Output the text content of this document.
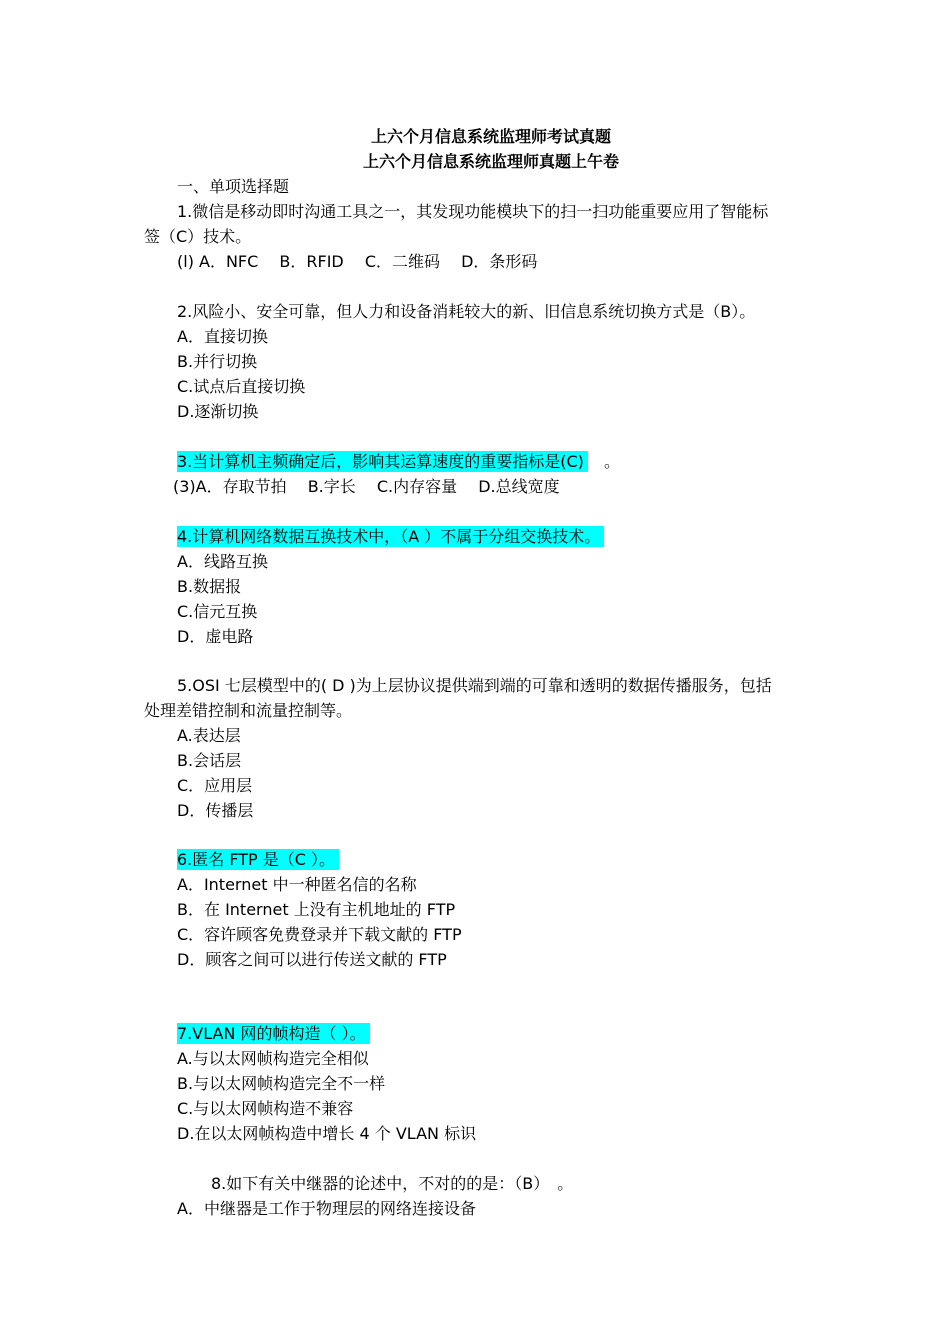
上六个月信息系统监理师考试真题
上六个月信息系统监理师真题上午卷
一、单项选择题
1.微信是移动即时沟通工具之一，其发现功能模块下的扫一扫功能重要应用了智能标
签（C）技术。
(l) A．NFC　 B．RFID　 C．二维码　 D．条形码
2.风险小、安全可靠，但人力和设备消耗较大的新、旧信息系统切换方式是（B）。
A．直接切换
B.并行切换
C.试点后直接切换
D.逐渐切换
3.当计算机主频确定后，影响其运算速度的重要指标是(C)　。
(3)A．存取节拍　 B.字长　 C.内存容量　 D.总线宽度
4.计算机网络数据互换技术中，（A ）不属于分组交换技术。
A．线路互换
B.数据报
C.信元互换
D．虚电路
5.OSI 七层模型中的( D )为上层协议提供端到端的可靠和透明的数据传播服务，包括
处理差错控制和流量控制等。
A.表达层
B.会话层
C．应用层
D．传播层
6.匿名 FTP 是（C ）。
A．Internet 中一种匿名信的名称
B．在 Internet 上没有主机地址的 FTP
C．容许顾客免费登录并下载文献的 FTP
D．顾客之间可以进行传送文献的 FTP
7.VLAN 网的帧构造（ ）。
A.与以太网帧构造完全相似
B.与以太网帧构造完全不一样
C.与以太网帧构造不兼容
D.在以太网帧构造中增长 4 个 VLAN 标识
8.如下有关中继器的论述中，不对的的是：（B）　。
A．中继器是工作于物理层的网络连接设备
